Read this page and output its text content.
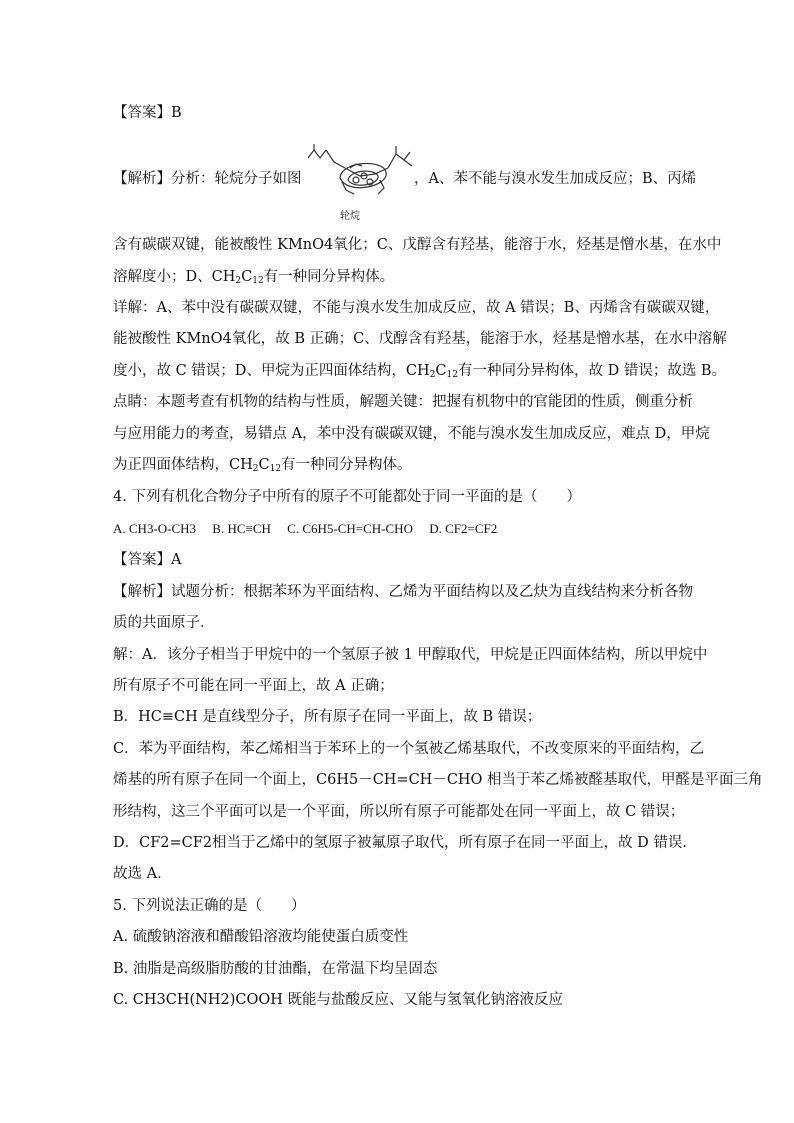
【答案】B
【解析】分析：轮烷分子如图
轮烷
，A、苯不能与溴水发生加成反应；B、丙烯
含有碳碳双键，能被酸性 KMnO4氧化；C、戊醇含有羟基，能溶于水，烃基是憎水基，在水中
溶解度小；D、$CH_2C_{12}$有一种同分异构体。
详解：A、苯中没有碳碳双键，不能与溴水发生加成反应，故 A 错误；B、丙烯含有碳碳双键，
能被酸性 KMnO4氧化，故 B 正确；C、戊醇含有羟基，能溶于水，烃基是憎水基，在水中溶解
度小，故 C 错误；D、甲烷为正四面体结构，$CH_2C_{12}$有一种同分异构体，故 D 错误；故选 B。
点睛：本题考查有机物的结构与性质，解题关键：把握有机物中的官能团的性质，侧重分析
与应用能力的考查，易错点 A，苯中没有碳碳双键，不能与溴水发生加成反应，难点 D，甲烷
为正四面体结构，$CH_2C_{12}$有一种同分异构体。
4. 下列有机化合物分子中所有的原子不可能都处于同一平面的是（　　）
A. CH3-O-CH3　 B. HC≡CH　 C. C6H5-CH=CH-CHO　 D. CF2=CF2
【答案】A
【解析】试题分析：根据苯环为平面结构、乙烯为平面结构以及乙炔为直线结构来分析各物
质的共面原子．
解：A．该分子相当于甲烷中的一个氢原子被 1 甲醇取代，甲烷是正四面体结构，所以甲烷中
所有原子不可能在同一平面上，故 A 正确；
B．HC≡CH 是直线型分子，所有原子在同一平面上，故 B 错误；
C．苯为平面结构，苯乙烯相当于苯环上的一个氢被乙烯基取代，不改变原来的平面结构，乙
烯基的所有原子在同一个面上，C6H5－CH=CH－CHO 相当于苯乙烯被醛基取代，甲醛是平面三角
形结构，这三个平面可以是一个平面，所以所有原子可能都处在同一平面上，故 C 错误；
D．CF2=CF2相当于乙烯中的氢原子被氟原子取代，所有原子在同一平面上，故 D 错误．
故选 A．
5. 下列说法正确的是（　　）
A. 硫酸钠溶液和醋酸铅溶液均能使蛋白质变性
B. 油脂是高级脂肪酸的甘油酯，在常温下均呈固态
C. CH3CH(NH2)COOH 既能与盐酸反应、又能与氢氧化钠溶液反应
